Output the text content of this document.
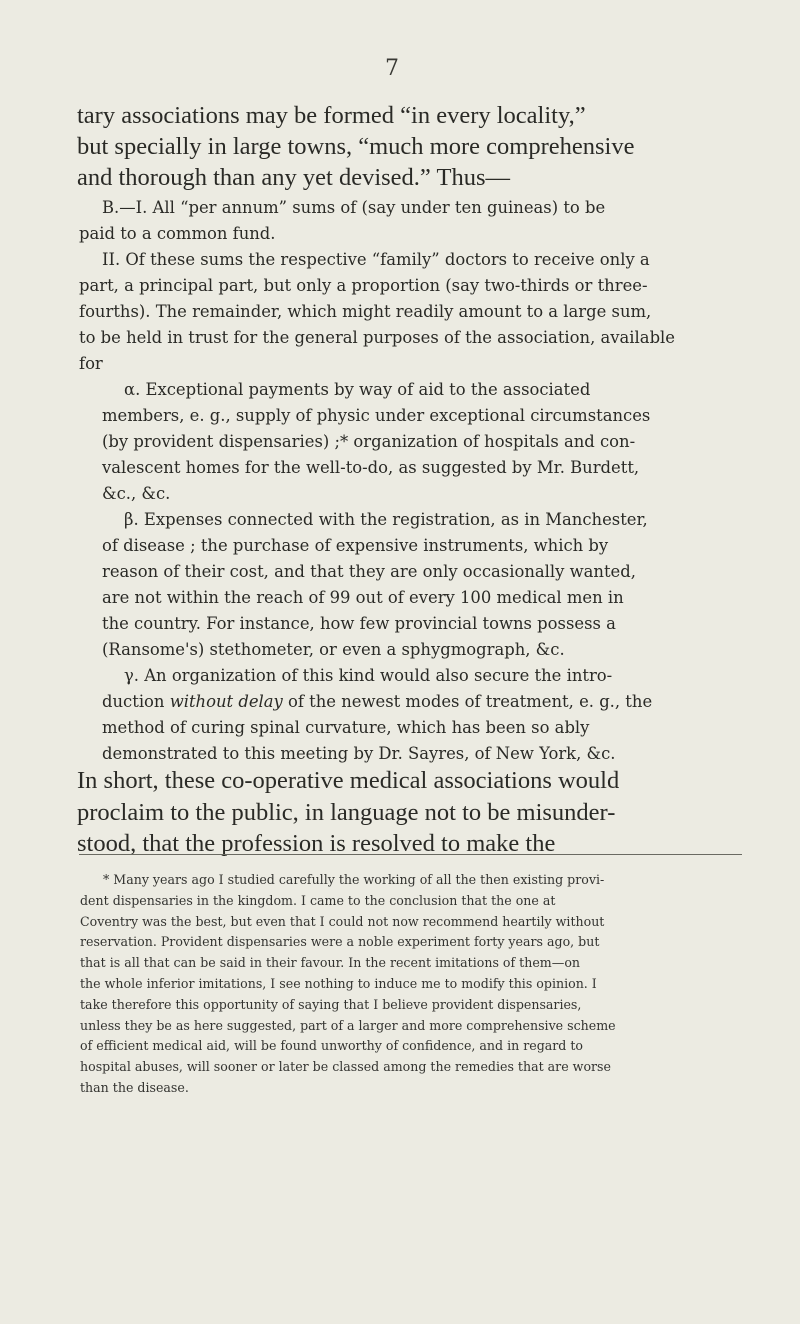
7
tary associations may be formed “in every locality,”
but specially in large towns, “much more comprehensive
and thorough than any yet devised.” Thus—
B.—I. All “per annum” sums of (say under ten guineas) to be
paid to a common fund.
II. Of these sums the respective “family” doctors to receive only a
part, a principal part, but only a proportion (say two-thirds or three-
fourths). The remainder, which might readily amount to a large sum,
to be held in trust for the general purposes of the association, available
for
α. Exceptional payments by way of aid to the associated
members, e. g., supply of physic under exceptional circumstances
(by provident dispensaries) ;* organization of hospitals and con-
valescent homes for the well-to-do, as suggested by Mr. Burdett,
&c., &c.
β. Expenses connected with the registration, as in Manchester,
of disease ; the purchase of expensive instruments, which by
reason of their cost, and that they are only occasionally wanted,
are not within the reach of 99 out of every 100 medical men in
the country. For instance, how few provincial towns possess a
(Ransome's) stethometer, or even a sphygmograph, &c.
γ. An organization of this kind would also secure the intro-
duction without delay of the newest modes of treatment, e. g., the
method of curing spinal curvature, which has been so ably
demonstrated to this meeting by Dr. Sayres, of New York, &c.
In short, these co-operative medical associations would
proclaim to the public, in language not to be misunder-
stood, that the profession is resolved to make the
* Many years ago I studied carefully the working of all the then existing provi-
dent dispensaries in the kingdom. I came to the conclusion that the one at
Coventry was the best, but even that I could not now recommend heartily without
reservation. Provident dispensaries were a noble experiment forty years ago, but
that is all that can be said in their favour. In the recent imitations of them—on
the whole inferior imitations, I see nothing to induce me to modify this opinion. I
take therefore this opportunity of saying that I believe provident dispensaries,
unless they be as here suggested, part of a larger and more comprehensive scheme
of efficient medical aid, will be found unworthy of confidence, and in regard to
hospital abuses, will sooner or later be classed among the remedies that are worse
than the disease.
